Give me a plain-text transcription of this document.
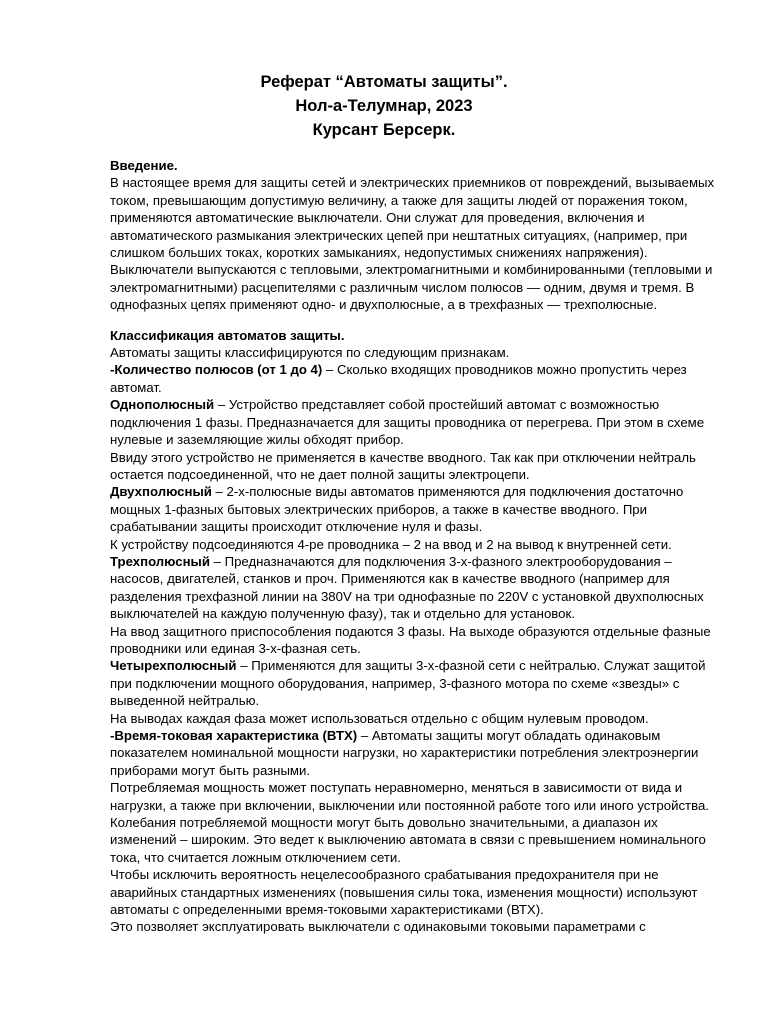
Реферат “Автоматы защиты”.
Нол-а-Телумнар, 2023
Курсант Берсерк.

Введение.

В настоящее время для защиты сетей и электрических приемников от повреждений, вызываемых током, превышающим допустимую величину, а также для защиты людей от поражения током, применяются автоматические выключатели. Они служат для проведения, включения и автоматического размыкания электрических цепей при нештатных ситуациях, (например, при слишком больших токах, коротких замыканиях, недопустимых снижениях напряжения). Выключатели выпускаются с тепловыми, электромагнитными и комбинированными (тепловыми и электромагнитными) расцепителями с различным числом полюсов — одним, двумя и тремя. В однофазных цепях применяют одно- и двухполюсные, а в трехфазных — трехполюсные.

Классификация автоматов защиты.

Автоматы защиты классифицируются по следующим признакам.

-Количество полюсов (от 1 до 4) – Сколько входящих проводников можно пропустить через автомат.

Однополюсный – Устройство представляет собой простейший автомат с возможностью подключения 1 фазы. Предназначается для защиты проводника от перегрева. При этом в схеме нулевые и заземляющие жилы обходят прибор.

Ввиду этого устройство не применяется в качестве вводного. Так как при отключении нейтраль остается подсоединенной, что не дает полной защиты электроцепи.

Двухполюсный – 2-х-полюсные виды автоматов применяются для подключения достаточно мощных 1-фазных бытовых электрических приборов, а также в качестве вводного. При срабатывании защиты происходит отключение нуля и фазы.

К устройству подсоединяются 4-ре проводника – 2 на ввод и 2 на вывод к внутренней сети.

Трехполюсный – Предназначаются для подключения 3-х-фазного электрооборудования – насосов, двигателей, станков и проч. Применяются как в качестве вводного (например для разделения трехфазной линии на 380V на три однофазные по 220V с установкой двухполюсных выключателей на каждую полученную фазу), так и отдельно для установок.

На ввод защитного приспособления подаются 3 фазы. На выходе образуются отдельные фазные проводники или единая 3-х-фазная сеть.

Четырехполюсный – Применяются для защиты 3-х-фазной сети с нейтралью. Служат защитой при подключении мощного оборудования, например, 3-фазного мотора по схеме «звезды» с выведенной нейтралью.

На выводах каждая фаза может использоваться отдельно с общим нулевым проводом.

-Время-токовая характеристика (ВТХ) – Автоматы защиты могут обладать одинаковым показателем номинальной мощности нагрузки, но характеристики потребления электроэнергии приборами могут быть разными.

Потребляемая мощность может поступать неравномерно, меняться в зависимости от вида и нагрузки, а также при включении, выключении или постоянной работе того или иного устройства.

Колебания потребляемой мощности могут быть довольно значительными, а диапазон их изменений – широким. Это ведет к выключению автомата в связи с превышением номинального тока, что считается ложным отключением сети.

Чтобы исключить вероятность нецелесообразного срабатывания предохранителя при не аварийных стандартных изменениях (повышения силы тока, изменения мощности) используют автоматы с определенными время-токовыми характеристиками (ВТХ).

Это позволяет эксплуатировать выключатели с одинаковыми токовыми параметрами с
